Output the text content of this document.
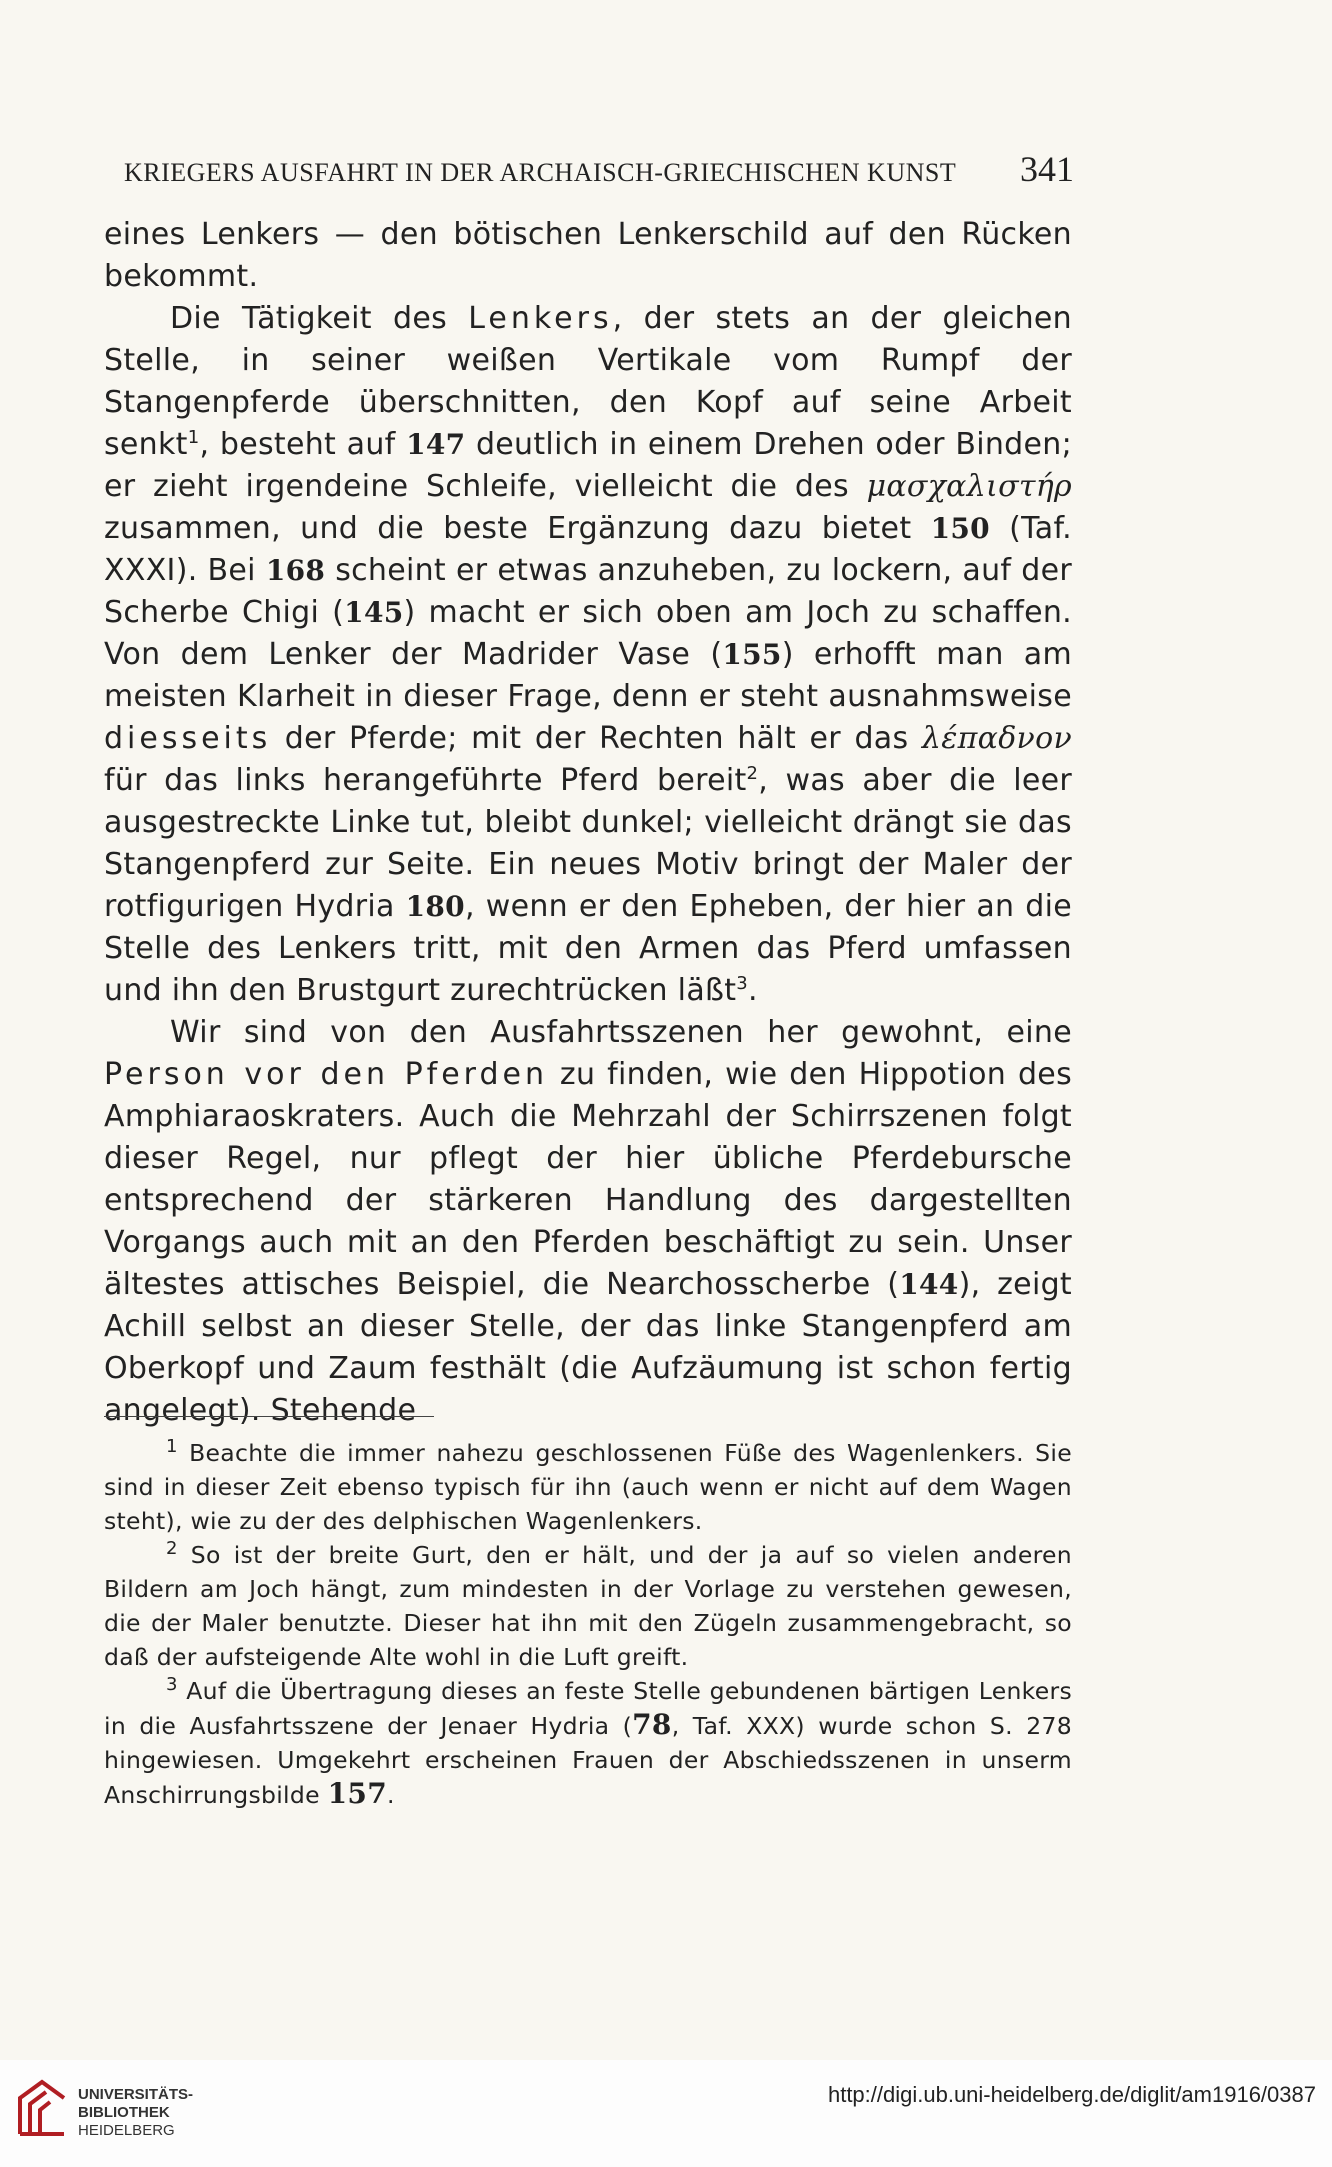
KRIEGERS AUSFAHRT IN DER ARCHAISCH-GRIECHISCHEN KUNST 341

eines Lenkers — den bötischen Lenkerschild auf den Rücken bekommt.

Die Tätigkeit des Lenkers, der stets an der gleichen Stelle, in seiner weißen Vertikale vom Rumpf der Stangenpferde überschnitten, den Kopf auf seine Arbeit senkt$^1$, besteht auf 147 deutlich in einem Drehen oder Binden; er zieht irgendeine Schleife, vielleicht die des μασχαλιστήρ zusammen, und die beste Ergänzung dazu bietet 150 (Taf. XXXI). Bei 168 scheint er etwas anzuheben, zu lockern, auf der Scherbe Chigi (145) macht er sich oben am Joch zu schaffen. Von dem Lenker der Madrider Vase (155) erhofft man am meisten Klarheit in dieser Frage, denn er steht ausnahmsweise diesseits der Pferde; mit der Rechten hält er das λέπαδνον für das links herangeführte Pferd bereit$^2$, was aber die leer ausgestreckte Linke tut, bleibt dunkel; vielleicht drängt sie das Stangenpferd zur Seite. Ein neues Motiv bringt der Maler der rotfigurigen Hydria 180, wenn er den Epheben, der hier an die Stelle des Lenkers tritt, mit den Armen das Pferd umfassen und ihn den Brustgurt zurechtrücken läßt$^3$.

Wir sind von den Ausfahrtsszenen her gewohnt, eine Person vor den Pferden zu finden, wie den Hippotion des Amphiaraoskraters. Auch die Mehrzahl der Schirrszenen folgt dieser Regel, nur pflegt der hier übliche Pferdebursche entsprechend der stärkeren Handlung des dargestellten Vorgangs auch mit an den Pferden beschäftigt zu sein. Unser ältestes attisches Beispiel, die Nearchosscherbe (144), zeigt Achill selbst an dieser Stelle, der das linke Stangenpferd am Oberkopf und Zaum festhält (die Aufzäumung ist schon fertig angelegt). Stehende

$^1$ Beachte die immer nahezu geschlossenen Füße des Wagenlenkers. Sie sind in dieser Zeit ebenso typisch für ihn (auch wenn er nicht auf dem Wagen steht), wie zu der des delphischen Wagenlenkers.

$^2$ So ist der breite Gurt, den er hält, und der ja auf so vielen anderen Bildern am Joch hängt, zum mindesten in der Vorlage zu verstehen gewesen, die der Maler benutzte. Dieser hat ihn mit den Zügeln zusammengebracht, so daß der aufsteigende Alte wohl in die Luft greift.

$^3$ Auf die Übertragung dieses an feste Stelle gebundenen bärtigen Lenkers in die Ausfahrtsszene der Jenaer Hydria (78, Taf. XXX) wurde schon S. 278 hingewiesen. Umgekehrt erscheinen Frauen der Abschiedsszenen in unserm Anschirrungsbilde 157.

UNIVERSITÄTS-
BIBLIOTHEK
HEIDELBERG
http://digi.ub.uni-heidelberg.de/diglit/am1916/0387
